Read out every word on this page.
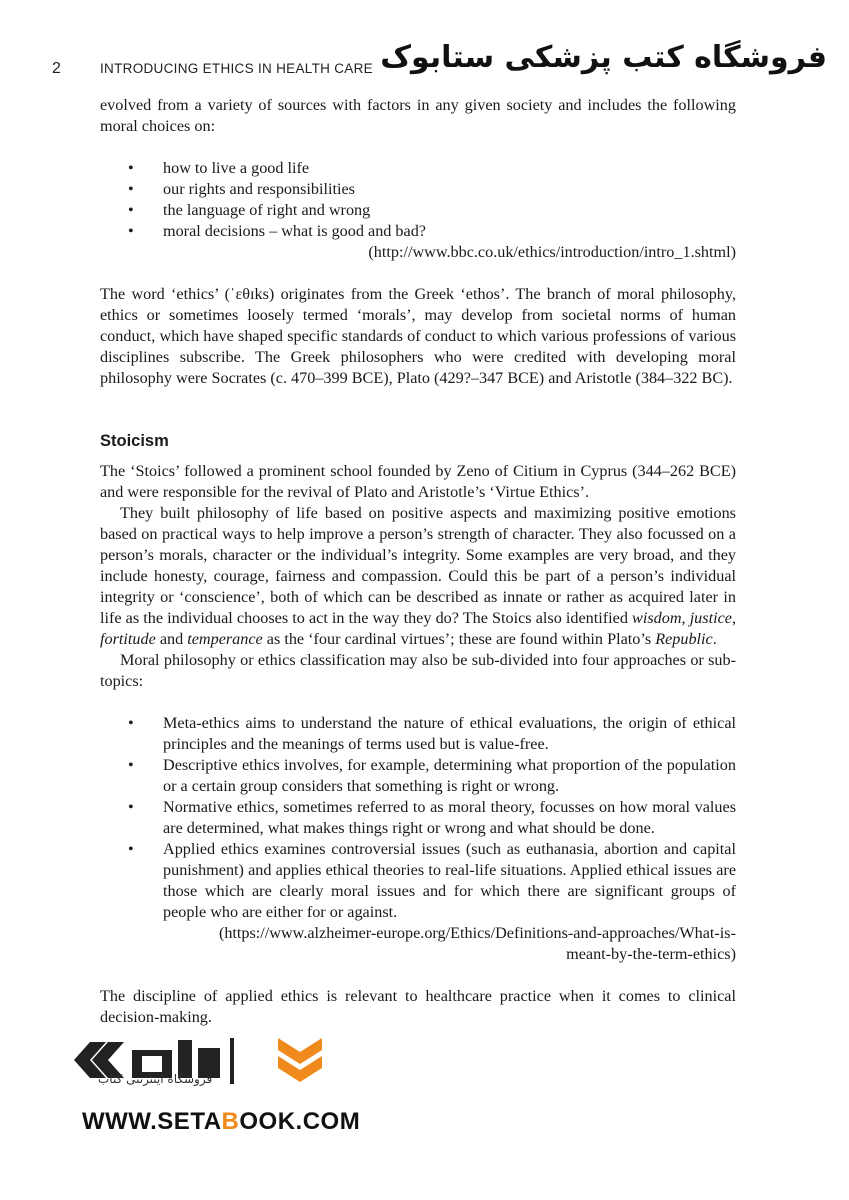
2	INTRODUCING ETHICS IN HEALTH CARE فروشگاه کتب پزشکی ستابوک

evolved from a variety of sources with factors in any given society and includes the following moral choices on:

• how to live a good life
• our rights and responsibilities
• the language of right and wrong
• moral decisions – what is good and bad?

(http://www.bbc.co.uk/ethics/introduction/intro_1.shtml)

The word ‘ethics’ (ˈɛθɪks) originates from the Greek ‘ethos’. The branch of moral philosophy, ethics or sometimes loosely termed ‘morals’, may develop from societal norms of human conduct, which have shaped specific standards of conduct to which various professions of various disciplines subscribe. The Greek philosophers who were credited with developing moral philosophy were Socrates (c. 470–399 BCE), Plato (429?–347 BCE) and Aristotle (384–322 BC).

Stoicism

The ‘Stoics’ followed a prominent school founded by Zeno of Citium in Cyprus (344–262 BCE) and were responsible for the revival of Plato and Aristotle’s ‘Virtue Ethics’.

They built philosophy of life based on positive aspects and maximizing positive emotions based on practical ways to help improve a person’s strength of character. They also focussed on a person’s morals, character or the individual’s integrity. Some examples are very broad, and they include honesty, courage, fairness and compassion. Could this be part of a person’s individual integrity or ‘conscience’, both of which can be described as innate or rather as acquired later in life as the individual chooses to act in the way they do? The Stoics also identified wisdom, justice, fortitude and temperance as the ‘four cardinal virtues’; these are found within Plato’s Republic.

Moral philosophy or ethics classification may also be sub-divided into four approaches or sub- topics:

• Meta-ethics aims to understand the nature of ethical evaluations, the origin of ethical principles and the meanings of terms used but is value-free.
• Descriptive ethics involves, for example, determining what proportion of the population or a certain group considers that something is right or wrong.
• Normative ethics, sometimes referred to as moral theory, focusses on how moral values are determined, what makes things right or wrong and what should be done.
• Applied ethics examines controversial issues (such as euthanasia, abortion and capital punishment) and applies ethical theories to real-life situations. Applied ethical issues are those which are clearly moral issues and for which there are significant groups of people who are either for or against.

(https://www.alzheimer-europe.org/Ethics/Definitions-and-approaches/What-is-meant-by-the-term-ethics)

The discipline of applied ethics is relevant to healthcare practice when it comes to clinical decision-making.

فروشگاه اینترنتی کتاب
WWW.SETABOOK.COM
